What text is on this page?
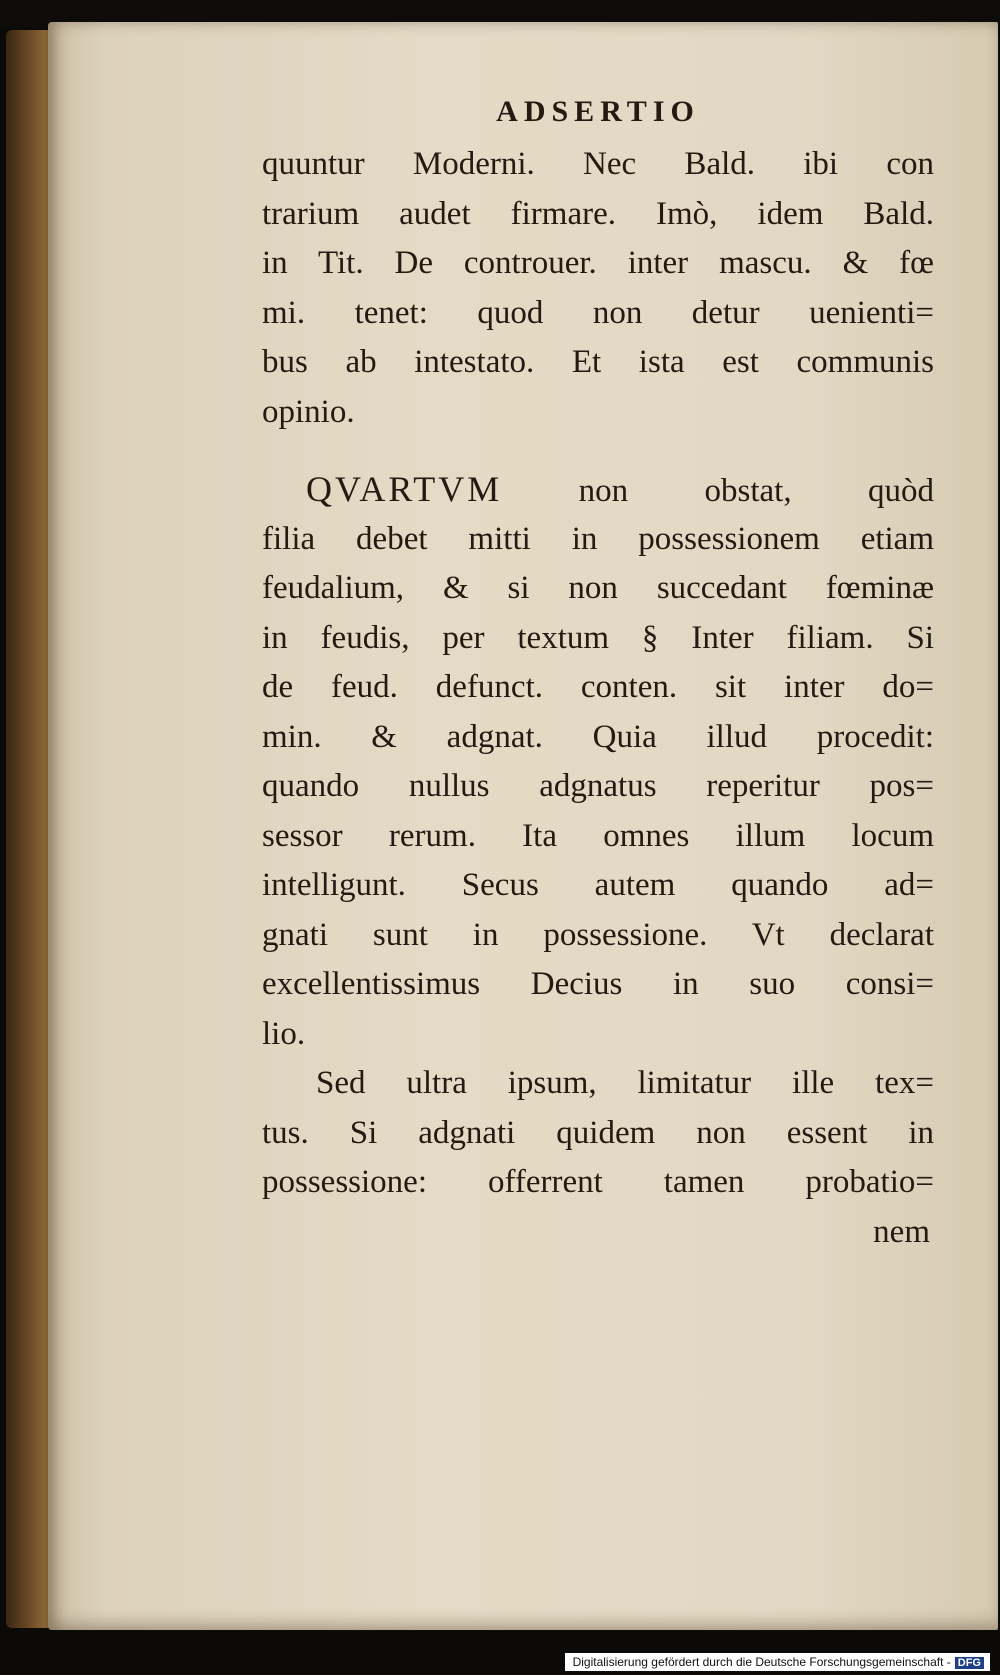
ADSERTIO
quuntur Moderni. Nec Bald. ibi con
trarium audet firmare. Imò, idem Bald.
in Tit. De controuer. inter mascu. & fœ
mi. tenet: quod non detur uenienti=
bus ab intestato. Et ista est communis
opinio.
QVARTVM non obstat, quòd
filia debet mitti in possessionem etiam
feudalium, & si non succedant fœminæ
in feudis, per textum § Inter filiam. Si
de feud. defunct. conten. sit inter do=
min. & adgnat. Quia illud procedit:
quando nullus adgnatus reperitur pos=
sessor rerum. Ita omnes illum locum
intelligunt. Secus autem quando ad=
gnati sunt in possessione. Vt declarat
excellentissimus Decius in suo consi=
lio.
Sed ultra ipsum, limitatur ille tex=
tus. Si adgnati quidem non essent in
possessione: offerrent tamen probatio=
nem
Digitalisierung gefördert durch die Deutsche Forschungsgemeinschaft - DFG
